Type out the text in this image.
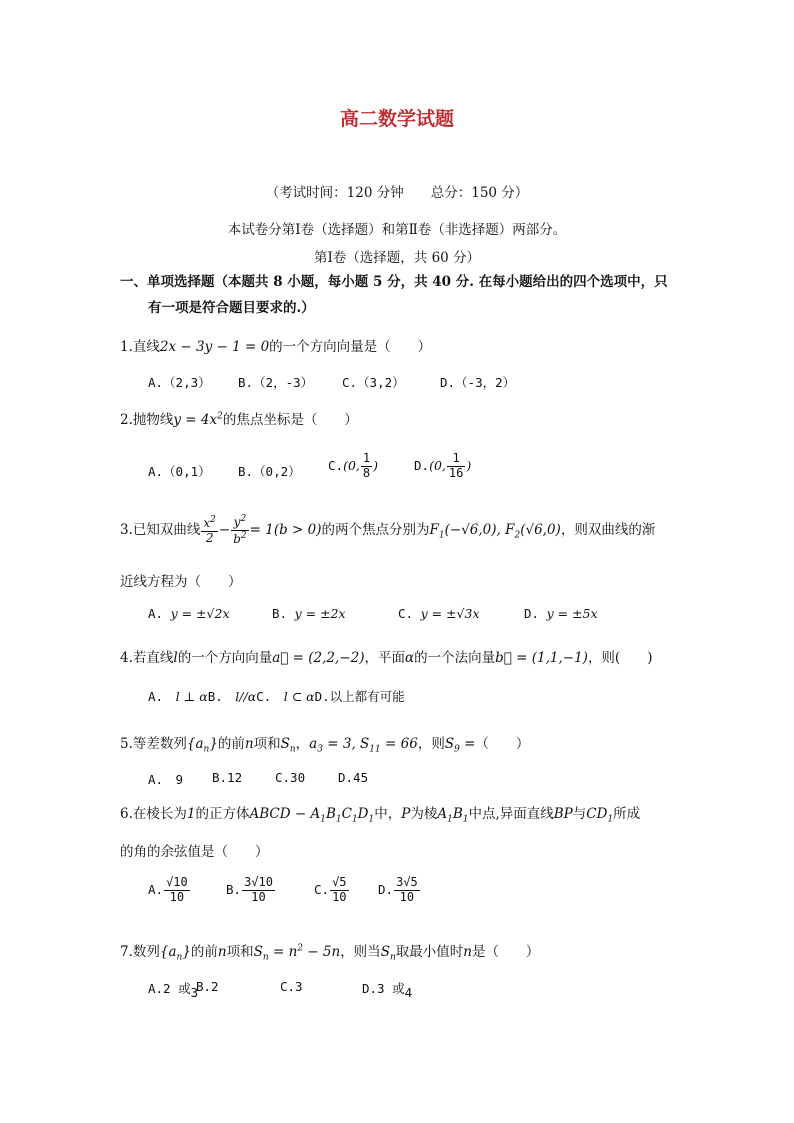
高二数学试题
（考试时间：120 分钟　　总分：150 分）
本试卷分第Ⅰ卷（选择题）和第Ⅱ卷（非选择题）两部分。
第Ⅰ卷（选择题，共 60 分）
一、单项选择题（本题共 8 小题，每小题 5 分，共 40 分. 在每小题给出的四个选项中，只
有一项是符合题目要求的.）
1.直线2x − 3y − 1 = 0的一个方向向量是（　　）
A.（2,3） B.（2，-3） C.（3,2）	D.（-3，2）
2.抛物线$y = 4x^2$的焦点坐标是（　　）
A.（0,1） B.（0,2） C.(0, $\frac{1}{8}$ )	D.(0, $\frac{1}{16}$ )
3.已知双曲线 $\frac{x^2}{2} - \frac{y^2}{b^2} = 1(b > 0)$的两个焦点分别为$F_1(-√6,0)$, $F_2(√6,0)$，则双曲线的渐
近线方程为（　　）
A. y = ±√2x	B. y = ±2x	C. y = ±√3x	D. y = ±5x
4.若直线l的一个方向向量a⃗ = (2,2,−2)，平面α的一个法向量b⃗ = (1,1,−1)，则(　　)
A.　l ⊥ αB.　l//αC.　l ⊂ αD.以上都有可能
5.等差数列$\{a_n\}$的前n项和$S_n$，$a_3 = 3$, $S_{11} = 66$，则$S_9$ =（　　）
A.　9 B.12	C.30	D.45
6.在棱长为1的正方体ABCD − $A_1B_1C_1D_1$中，P为棱$A_1B_1$中点,异面直线BP与$CD_1$所成
的角的余弦值是（　　）
A. $\frac{√10}{10}$	B. $\frac{3√10}{10}$	C. $\frac{√5}{10} D$. $\frac{3√5}{10}$
7.数列$\{a_n\}$的前n项和$S_n = n^2 - 5n$，则当$S_n$取最小值时n是（　　）
A.2 或3
B.2	C.3	D.3 或4
